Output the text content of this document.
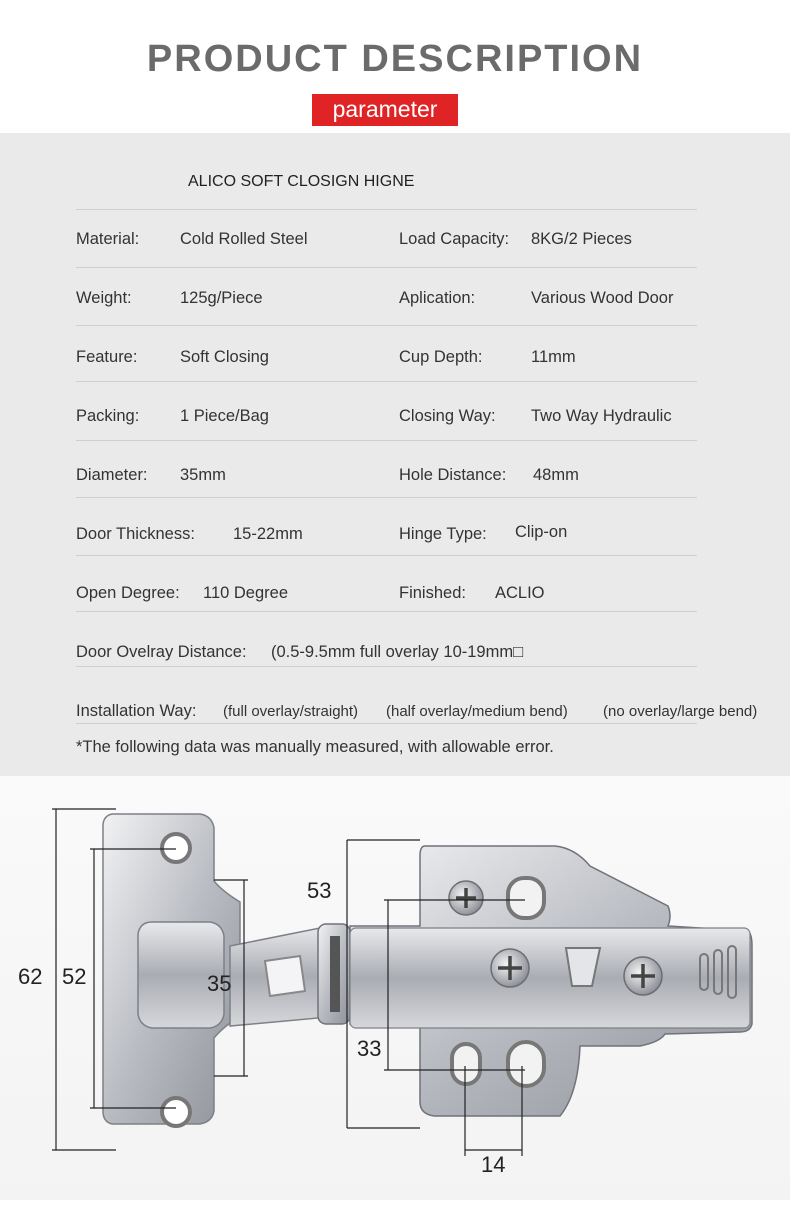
PRODUCT DESCRIPTION
parameter
ALICO SOFT CLOSIGN HIGNE
Material: Cold Rolled Steel	Load Capacity: 8KG/2 Pieces
Weight:	125g/Piece	Aplication:	Various Wood Door
Feature:	Soft Closing	Cup Depth:	11mm
Packing: 1 Piece/Bag	Closing Way: Two Way Hydraulic
Diameter: 35mm	Hole Distance: 48mm
Door Thickness: 15-22mm	Hinge Type: Clip-on
Open Degree: 110 Degree	Finished: ACLIO
Door Ovelray Distance: (0.5-9.5mm full overlay 10-19mm□
Installation Way: (full overlay/straight) (half overlay/medium bend) (no overlay/large bend)
*The following data was manually measured, with allowable error.
62 52	35
53
33
14
